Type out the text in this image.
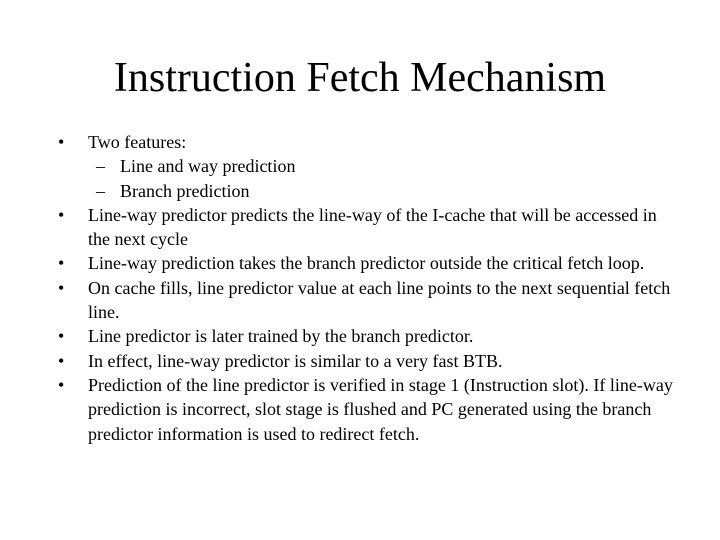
Instruction Fetch Mechanism
• Two features:
– Line and way prediction
– Branch prediction
• Line-way predictor predicts the line-way of the I-cache that will be accessed in the next cycle
• Line-way prediction takes the branch predictor outside the critical fetch loop.
• On cache fills, line predictor value at each line points to the next sequential fetch line.
• Line predictor is later trained by the branch predictor.
• In effect, line-way predictor is similar to a very fast BTB.
• Prediction of the line predictor is verified in stage 1 (Instruction slot). If line-way prediction is incorrect, slot stage is flushed and PC generated using the branch predictor information is used to redirect fetch.
